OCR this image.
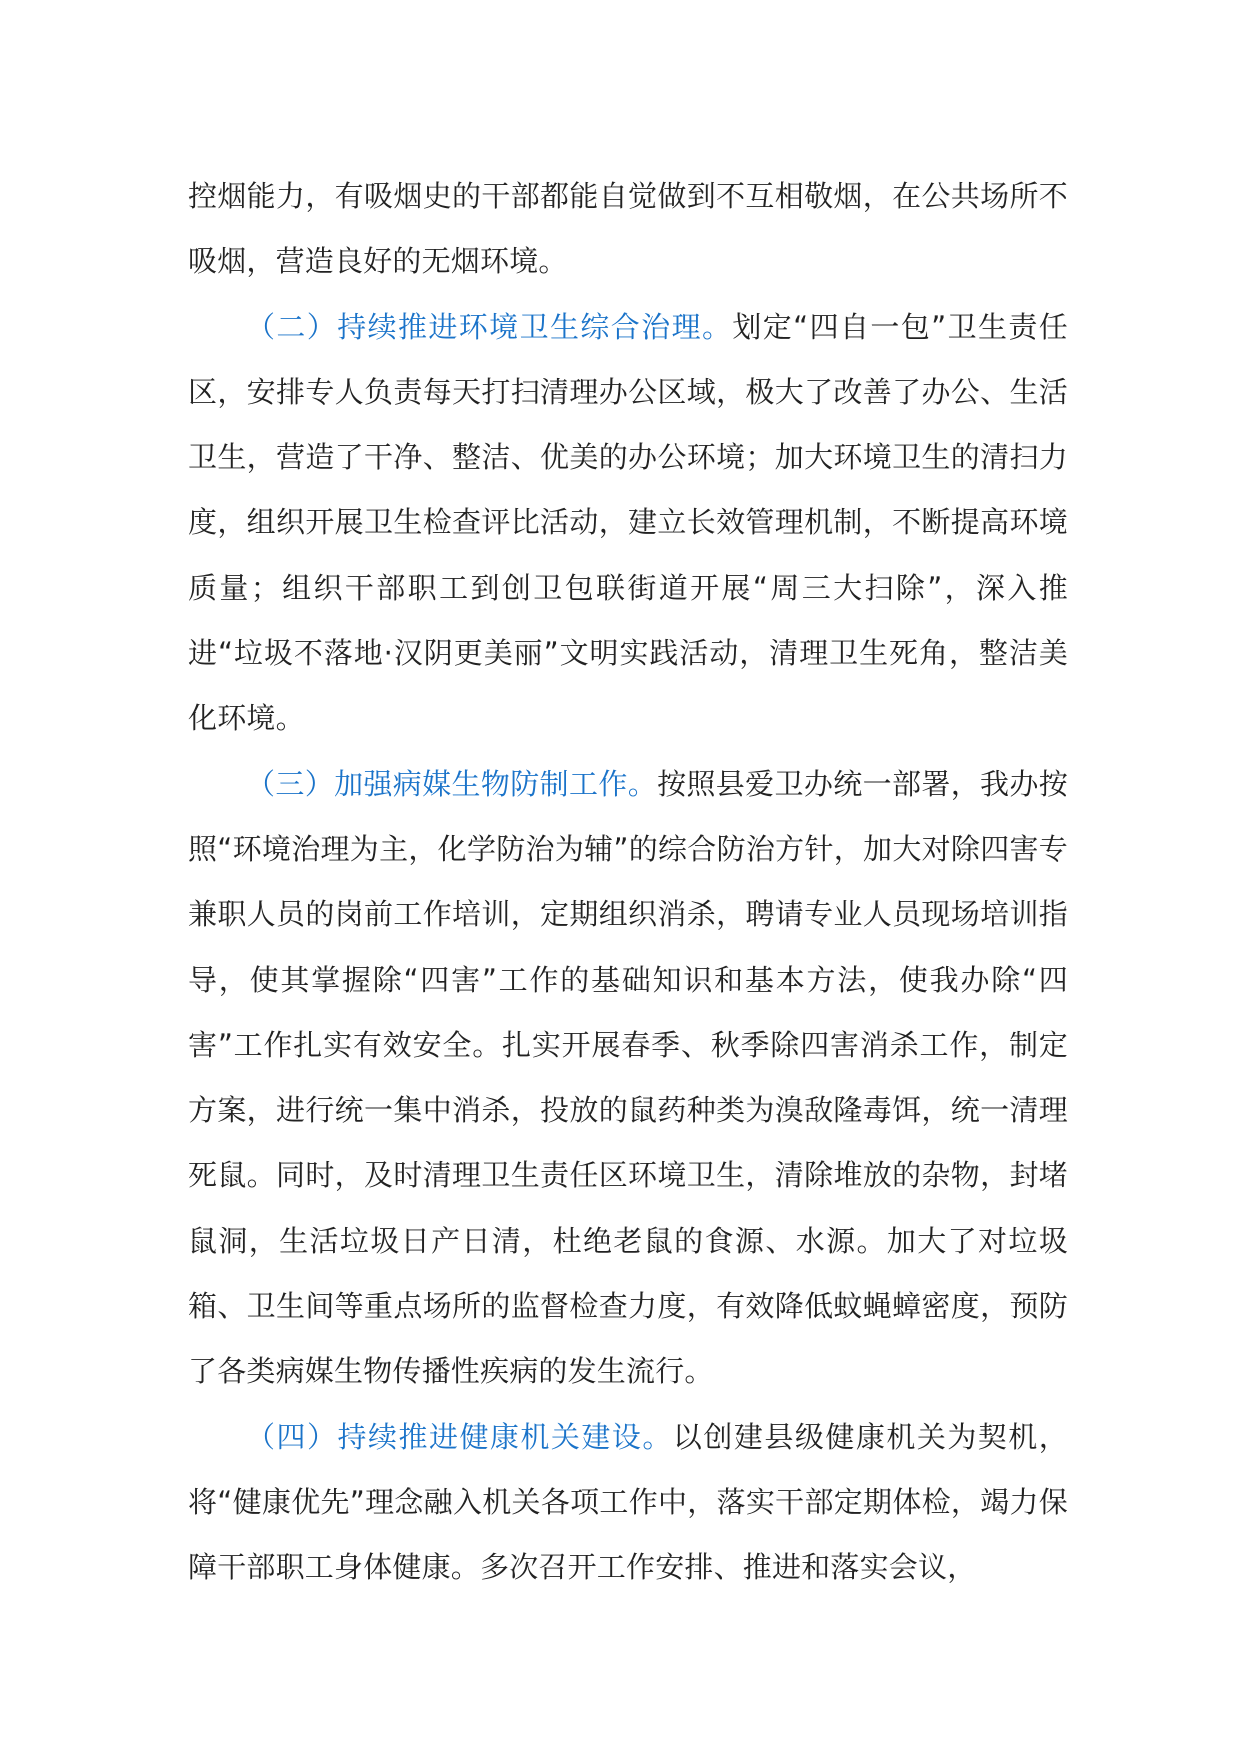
控烟能力，有吸烟史的干部都能自觉做到不互相敬烟，在公共场所不吸烟，营造良好的无烟环境。

（二）持续推进环境卫生综合治理。划定“四自一包”卫生责任区，安排专人负责每天打扫清理办公区域，极大了改善了办公、生活卫生，营造了干净、整洁、优美的办公环境；加大环境卫生的清扫力度，组织开展卫生检查评比活动，建立长效管理机制，不断提高环境质量；组织干部职工到创卫包联街道开展“周三大扫除”，深入推进“垃圾不落地·汉阴更美丽”文明实践活动，清理卫生死角，整洁美化环境。

（三）加强病媒生物防制工作。按照县爱卫办统一部署，我办按照“环境治理为主，化学防治为辅”的综合防治方针，加大对除四害专兼职人员的岗前工作培训，定期组织消杀，聘请专业人员现场培训指导，使其掌握除“四害”工作的基础知识和基本方法，使我办除“四害”工作扎实有效安全。扎实开展春季、秋季除四害消杀工作，制定方案，进行统一集中消杀，投放的鼠药种类为溴敌隆毒饵，统一清理死鼠。同时，及时清理卫生责任区环境卫生，清除堆放的杂物，封堵鼠洞，生活垃圾日产日清，杜绝老鼠的食源、水源。加大了对垃圾箱、卫生间等重点场所的监督检查力度，有效降低蚊蝇蟑密度，预防了各类病媒生物传播性疾病的发生流行。

（四）持续推进健康机关建设。以创建县级健康机关为契机，将“健康优先”理念融入机关各项工作中，落实干部定期体检，竭力保障干部职工身体健康。多次召开工作安排、推进和落实会议，
